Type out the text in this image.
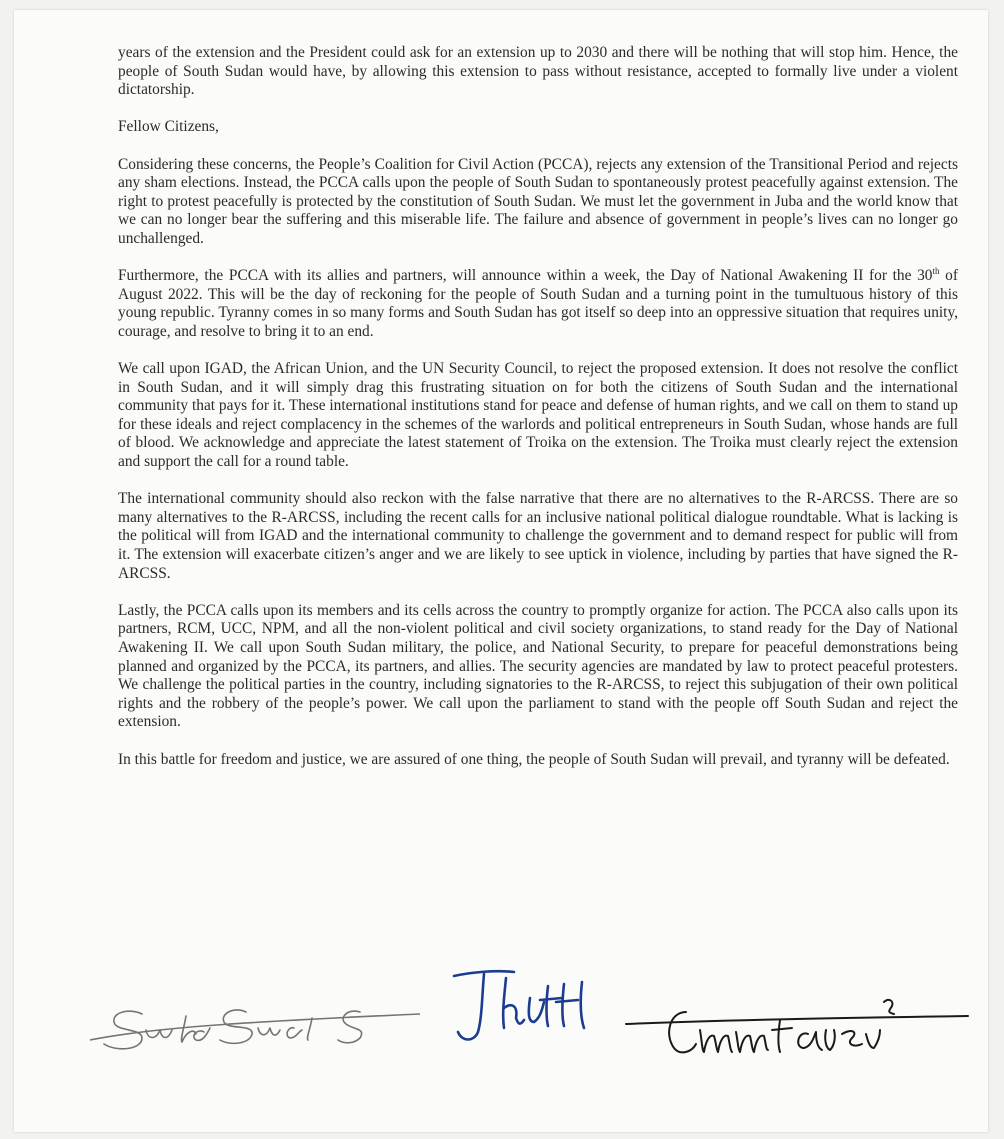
years of the extension and the President could ask for an extension up to 2030 and there will be nothing that will stop him. Hence, the people of South Sudan would have, by allowing this extension to pass without resistance, accepted to formally live under a violent dictatorship.

Fellow Citizens,

Considering these concerns, the People’s Coalition for Civil Action (PCCA), rejects any extension of the Transitional Period and rejects any sham elections. Instead, the PCCA calls upon the people of South Sudan to spontaneously protest peacefully against extension. The right to protest peacefully is protected by the constitution of South Sudan. We must let the government in Juba and the world know that we can no longer bear the suffering and this miserable life. The failure and absence of government in people’s lives can no longer go unchallenged.

Furthermore, the PCCA with its allies and partners, will announce within a week, the Day of National Awakening II for the 30th of August 2022. This will be the day of reckoning for the people of South Sudan and a turning point in the tumultuous history of this young republic. Tyranny comes in so many forms and South Sudan has got itself so deep into an oppressive situation that requires unity, courage, and resolve to bring it to an end.

We call upon IGAD, the African Union, and the UN Security Council, to reject the proposed extension. It does not resolve the conflict in South Sudan, and it will simply drag this frustrating situation on for both the citizens of South Sudan and the international community that pays for it. These international institutions stand for peace and defense of human rights, and we call on them to stand up for these ideals and reject complacency in the schemes of the warlords and political entrepreneurs in South Sudan, whose hands are full of blood. We acknowledge and appreciate the latest statement of Troika on the extension. The Troika must clearly reject the extension and support the call for a round table.

The international community should also reckon with the false narrative that there are no alternatives to the R-ARCSS. There are so many alternatives to the R-ARCSS, including the recent calls for an inclusive national political dialogue roundtable. What is lacking is the political will from IGAD and the international community to challenge the government and to demand respect for public will from it. The extension will exacerbate citizen’s anger and we are likely to see uptick in violence, including by parties that have signed the R-ARCSS.

Lastly, the PCCA calls upon its members and its cells across the country to promptly organize for action. The PCCA also calls upon its partners, RCM, UCC, NPM, and all the non-violent political and civil society organizations, to stand ready for the Day of National Awakening II. We call upon South Sudan military, the police, and National Security, to prepare for peaceful demonstrations being planned and organized by the PCCA, its partners, and allies. The security agencies are mandated by law to protect peaceful protesters. We challenge the political parties in the country, including signatories to the R-ARCSS, to reject this subjugation of their own political rights and the robbery of the people’s power. We call upon the parliament to stand with the people off South Sudan and reject the extension.

In this battle for freedom and justice, we are assured of one thing, the people of South Sudan will prevail, and tyranny will be defeated.
